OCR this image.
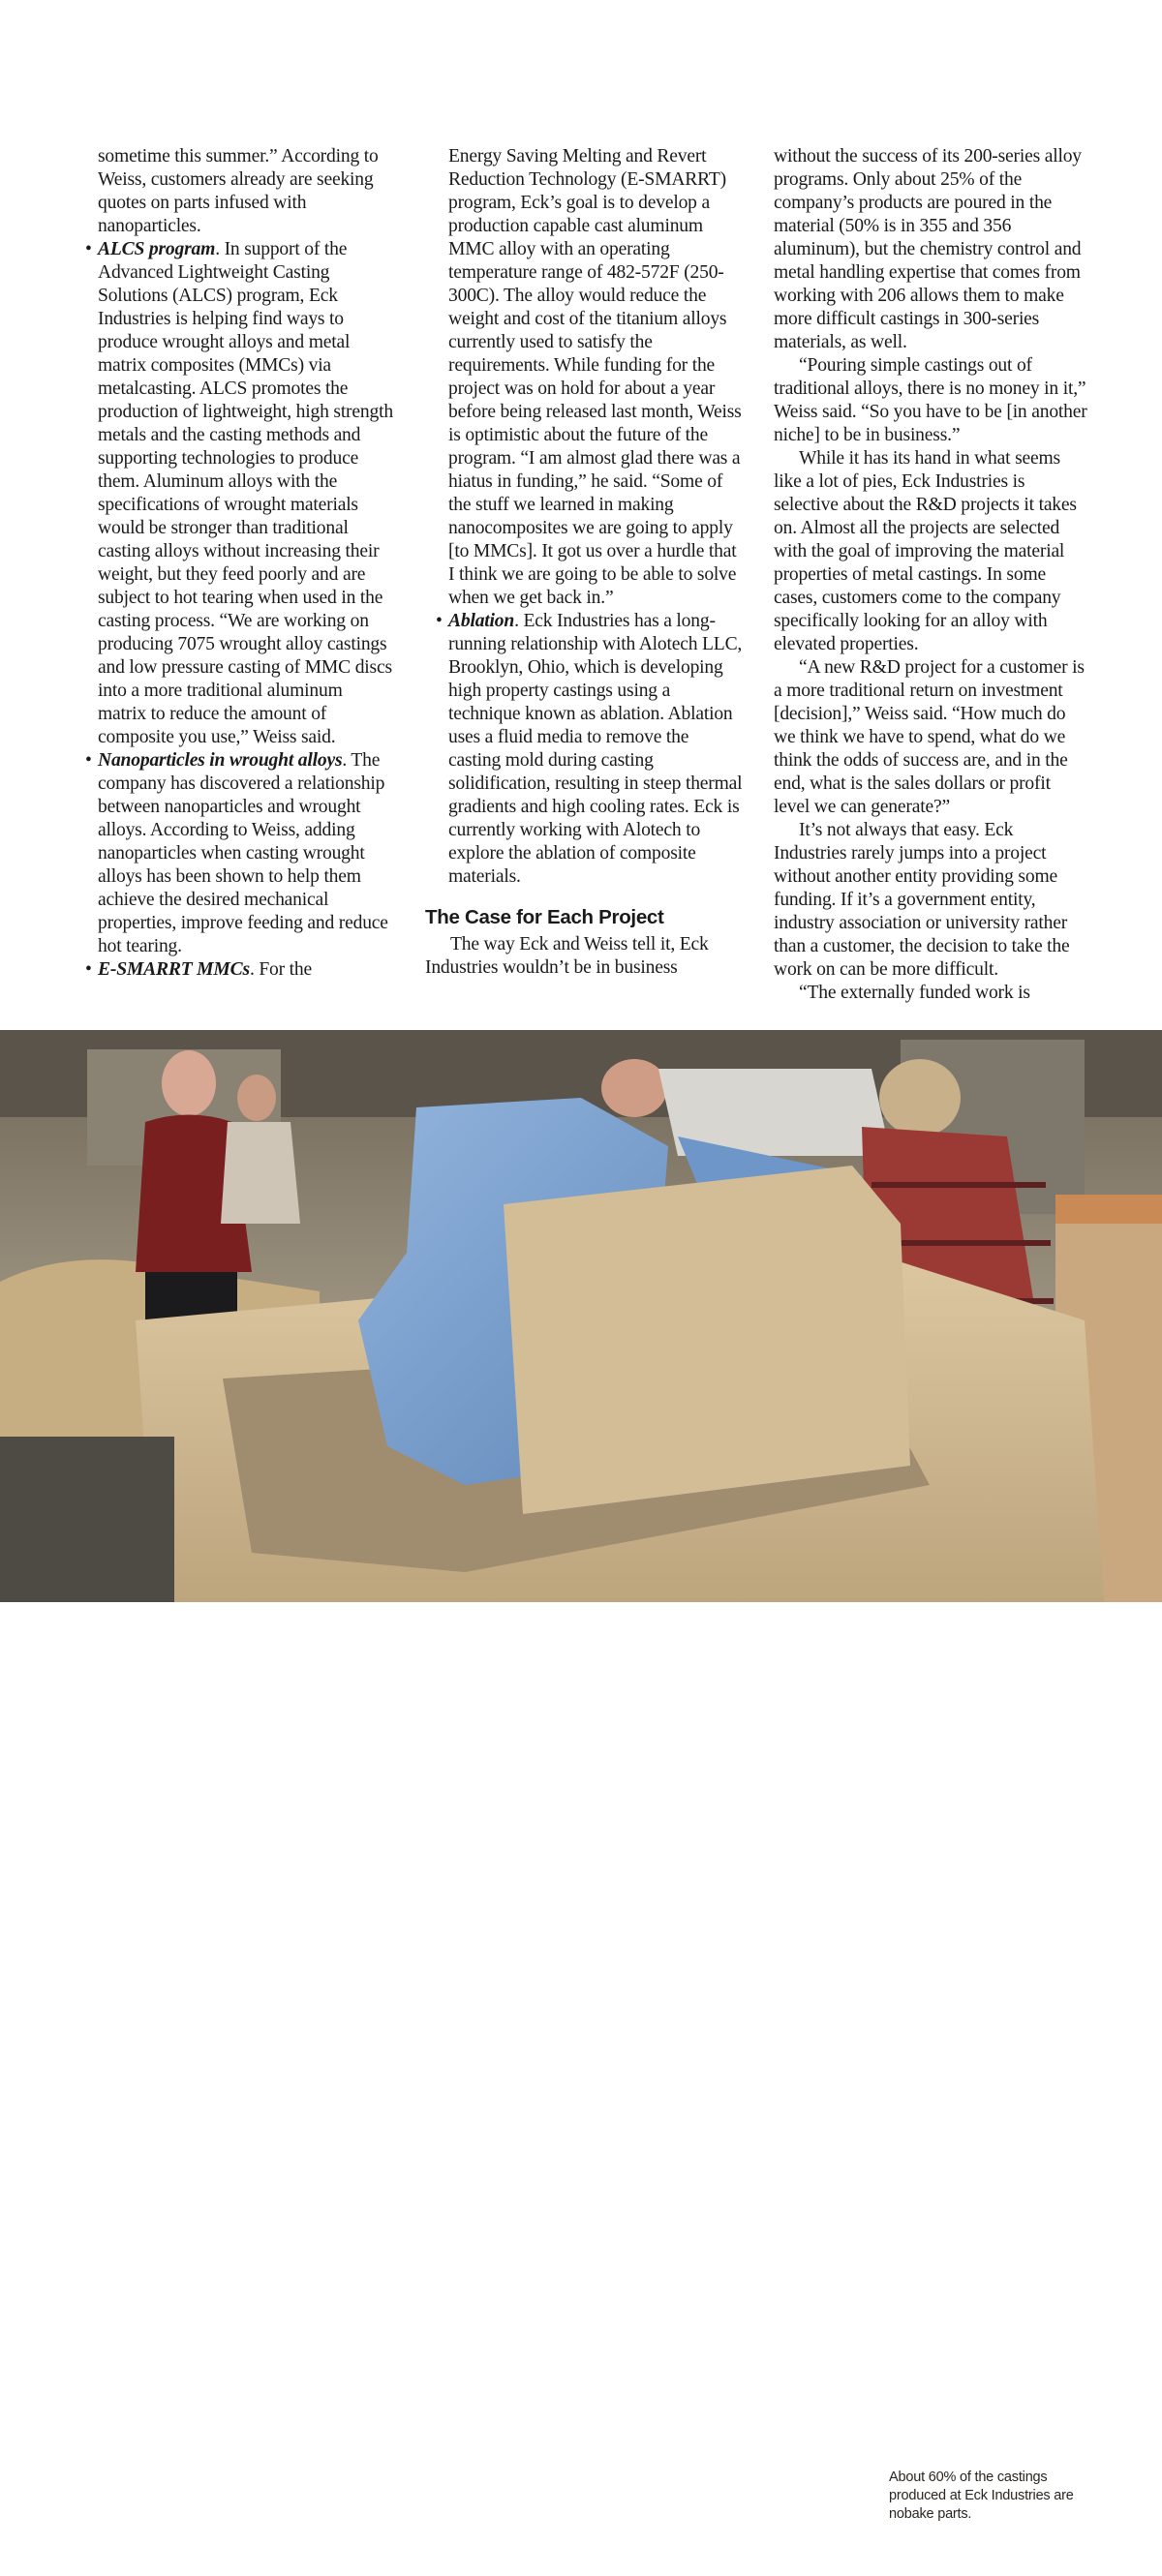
sometime this summer.” According to Weiss, customers already are seeking quotes on parts infused with nanoparticles.

• ALCS program. In support of the Advanced Lightweight Casting Solutions (ALCS) program, Eck Industries is helping find ways to produce wrought alloys and metal matrix composites (MMCs) via metalcasting. ALCS promotes the production of lightweight, high strength metals and the casting methods and supporting technologies to produce them. Aluminum alloys with the specifications of wrought materials would be stronger than traditional casting alloys without increasing their weight, but they feed poorly and are subject to hot tearing when used in the casting process. “We are working on producing 7075 wrought alloy castings and low pressure casting of MMC discs into a more traditional aluminum matrix to reduce the amount of composite you use,” Weiss said.
• Nanoparticles in wrought alloys. The company has discovered a relationship between nanoparticles and wrought alloys. According to Weiss, adding nanoparticles when casting wrought alloys has been shown to help them achieve the desired mechanical properties, improve feeding and reduce hot tearing.
• E-SMARRT MMCs. For the

Energy Saving Melting and Revert Reduction Technology (E-SMARRT) program, Eck’s goal is to develop a production capable cast aluminum MMC alloy with an operating temperature range of 482-572F (250-300C). The alloy would reduce the weight and cost of the titanium alloys currently used to satisfy the requirements. While funding for the project was on hold for about a year before being released last month, Weiss is optimistic about the future of the program. “I am almost glad there was a hiatus in funding,” he said. “Some of the stuff we learned in making nanocomposites we are going to apply [to MMCs]. It got us over a hurdle that I think we are going to be able to solve when we get back in.”

• Ablation. Eck Industries has a long-running relationship with Alotech LLC, Brooklyn, Ohio, which is developing high property castings using a technique known as ablation. Ablation uses a fluid media to remove the casting mold during casting solidification, resulting in steep thermal gradients and high cooling rates. Eck is currently working with Alotech to explore the ablation of composite materials.
The Case for Each Project

The way Eck and Weiss tell it, Eck Industries wouldn’t be in business

without the success of its 200-series alloy programs. Only about 25% of the company’s products are poured in the material (50% is in 355 and 356 aluminum), but the chemistry control and metal handling expertise that comes from working with 206 allows them to make more difficult castings in 300-series materials, as well.

“Pouring simple castings out of traditional alloys, there is no money in it,” Weiss said. “So you have to be [in another niche] to be in business.”

While it has its hand in what seems like a lot of pies, Eck Industries is selective about the R&D projects it takes on. Almost all the projects are selected with the goal of improving the material properties of metal castings. In some cases, customers come to the company specifically looking for an alloy with elevated properties.

“A new R&D project for a customer is a more traditional return on investment [decision],” Weiss said. “How much do we think we have to spend, what do we think the odds of success are, and in the end, what is the sales dollars or profit level we can generate?”

It’s not always that easy. Eck Industries rarely jumps into a project without another entity providing some funding. If it’s a government entity, industry association or university rather than a customer, the decision to take the work on can be more difficult.

“The externally funded work is

About 60% of the castings produced at Eck Industries are nobake parts.
20
